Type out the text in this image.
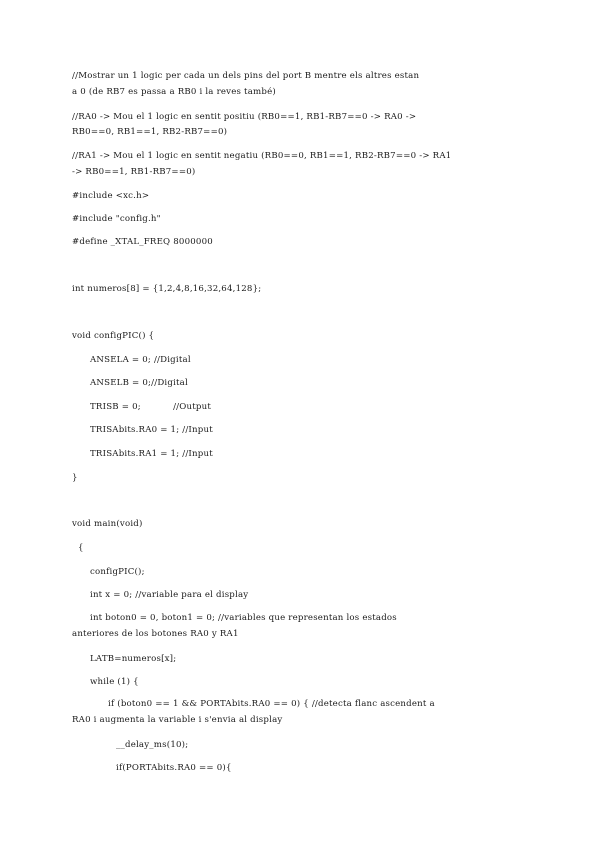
//Mostrar un 1 logic per cada un dels pins del port B mentre els altres estan
a 0 (de RB7 es passa a RB0 i la reves també)
//RA0 -> Mou el 1 logic en sentit positiu (RB0==1, RB1-RB7==0 -> RA0 ->
RB0==0, RB1==1, RB2-RB7==0)
//RA1 -> Mou el 1 logic en sentit negatiu (RB0==0, RB1==1, RB2-RB7==0 -> RA1
-> RB0==1, RB1-RB7==0)
#include <xc.h>
#include "config.h"
#define _XTAL_FREQ 8000000
int numeros[8] = {1,2,4,8,16,32,64,128};
void configPIC() {
ANSELA = 0; //Digital
ANSELB = 0;//Digital
TRISB = 0;           //Output
TRISAbits.RA0 = 1; //Input
TRISAbits.RA1 = 1; //Input
}
void main(void)
{
configPIC();
int x = 0; //variable para el display
int boton0 = 0, boton1 = 0; //variables que representan los estados
anteriores de los botones RA0 y RA1
LATB=numeros[x];
while (1) {
if (boton0 == 1 && PORTAbits.RA0 == 0) { //detecta flanc ascendent a
RA0 i augmenta la variable i s'envia al display
__delay_ms(10);
if(PORTAbits.RA0 == 0){
